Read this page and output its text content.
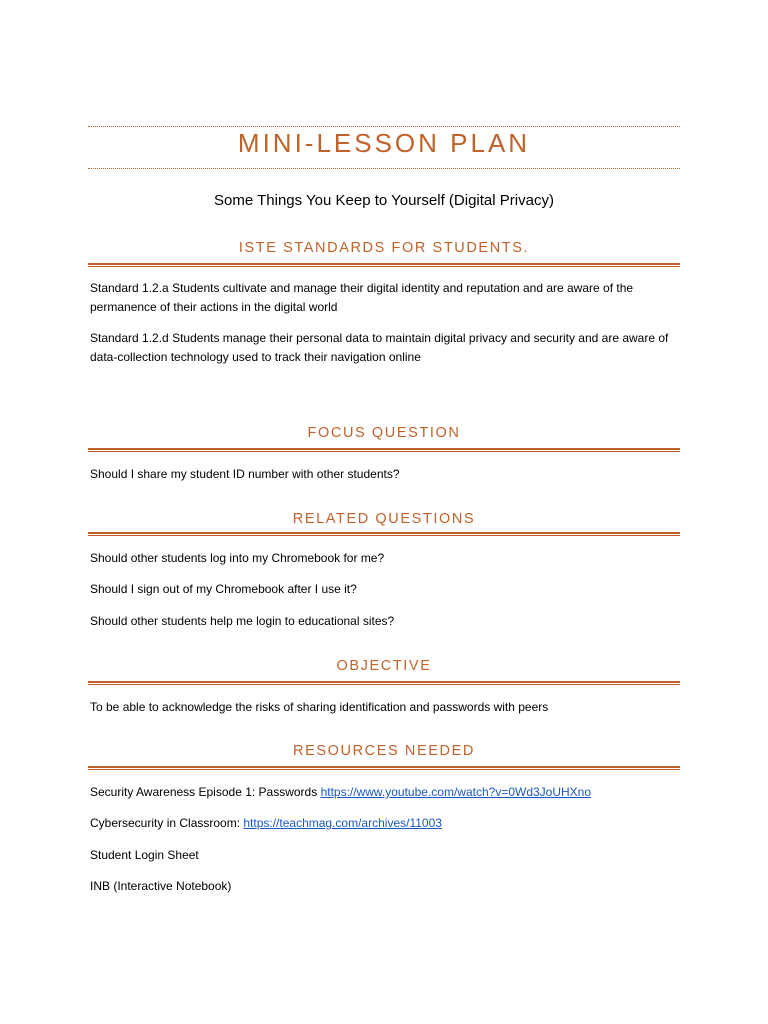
MINI-LESSON PLAN
Some Things You Keep to Yourself (Digital Privacy)
ISTE STANDARDS FOR STUDENTS.
Standard 1.2.a Students cultivate and manage their digital identity and reputation and are aware of the permanence of their actions in the digital world
Standard 1.2.d Students manage their personal data to maintain digital privacy and security and are aware of data-collection technology used to track their navigation online
FOCUS QUESTION
Should I share my student ID number with other students?
RELATED QUESTIONS
Should other students log into my Chromebook for me?
Should I sign out of my Chromebook after I use it?
Should other students help me login to educational sites?
OBJECTIVE
To be able to acknowledge the risks of sharing identification and passwords with peers
RESOURCES NEEDED
Security Awareness Episode 1: Passwords https://www.youtube.com/watch?v=0Wd3JoUHXno
Cybersecurity in Classroom: https://teachmag.com/archives/11003
Student Login Sheet
INB (Interactive Notebook)
